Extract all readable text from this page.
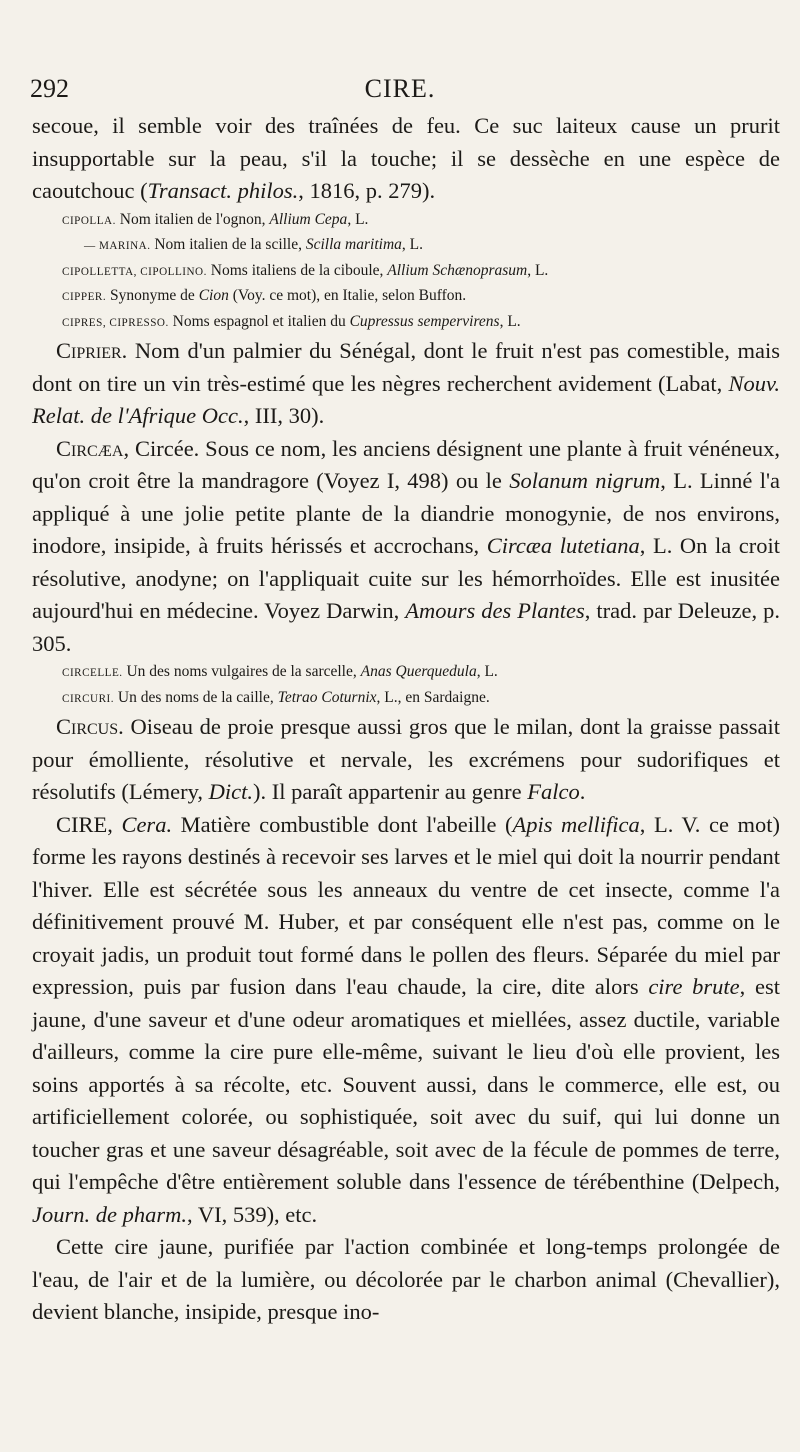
292	CIRE.

secoue, il semble voir des traînées de feu. Ce suc laiteux cause un prurit insupportable sur la peau, s'il la touche; il se dessèche en une espèce de caoutchouc (Transact. philos., 1816, p. 279).

CIPOLLA. Nom italien de l'ognon, Allium Cepa, L.

— MARINA. Nom italien de la scille, Scilla maritima, L.

CIPOLLETTA, CIPOLLINO. Noms italiens de la ciboule, Allium Schænoprasum, L.

CIPPER. Synonyme de Cion (Voy. ce mot), en Italie, selon Buffon.

CIPRES, CIPRESSO. Noms espagnol et italien du Cupressus sempervirens, L.

Ciprier. Nom d'un palmier du Sénégal, dont le fruit n'est pas comestible, mais dont on tire un vin très-estimé que les nègres recherchent avidement (Labat, Nouv. Relat. de l'Afrique Occ., III, 30).

Circæa, Circée. Sous ce nom, les anciens désignent une plante à fruit vénéneux, qu'on croit être la mandragore (Voyez I, 498) ou le Solanum nigrum, L. Linné l'a appliqué à une jolie petite plante de la diandrie monogynie, de nos environs, inodore, insipide, à fruits hérissés et accrochans, Circæa lutetiana, L. On la croit résolutive, anodyne; on l'appliquait cuite sur les hémorrhoïdes. Elle est inusitée aujourd'hui en médecine. Voyez Darwin, Amours des Plantes, trad. par Deleuze, p. 305.

CIRCELLE. Un des noms vulgaires de la sarcelle, Anas Querquedula, L.

CIRCURI. Un des noms de la caille, Tetrao Coturnix, L., en Sardaigne.

Circus. Oiseau de proie presque aussi gros que le milan, dont la graisse passait pour émolliente, résolutive et nervale, les excrémens pour sudorifiques et résolutifs (Lémery, Dict.). Il paraît appartenir au genre Falco.

CIRE, Cera. Matière combustible dont l'abeille (Apis mellifica, L. V. ce mot) forme les rayons destinés à recevoir ses larves et le miel qui doit la nourrir pendant l'hiver. Elle est sécrétée sous les anneaux du ventre de cet insecte, comme l'a définitivement prouvé M. Huber, et par conséquent elle n'est pas, comme on le croyait jadis, un produit tout formé dans le pollen des fleurs. Séparée du miel par expression, puis par fusion dans l'eau chaude, la cire, dite alors cire brute, est jaune, d'une saveur et d'une odeur aromatiques et miellées, assez ductile, variable d'ailleurs, comme la cire pure elle-même, suivant le lieu d'où elle provient, les soins apportés à sa récolte, etc. Souvent aussi, dans le commerce, elle est, ou artificiellement colorée, ou sophistiquée, soit avec du suif, qui lui donne un toucher gras et une saveur désagréable, soit avec de la fécule de pommes de terre, qui l'empêche d'être entièrement soluble dans l'essence de térébenthine (Delpech, Journ. de pharm., VI, 539), etc.

Cette cire jaune, purifiée par l'action combinée et long-temps prolongée de l'eau, de l'air et de la lumière, ou décolorée par le charbon animal (Chevallier), devient blanche, insipide, presque ino-
